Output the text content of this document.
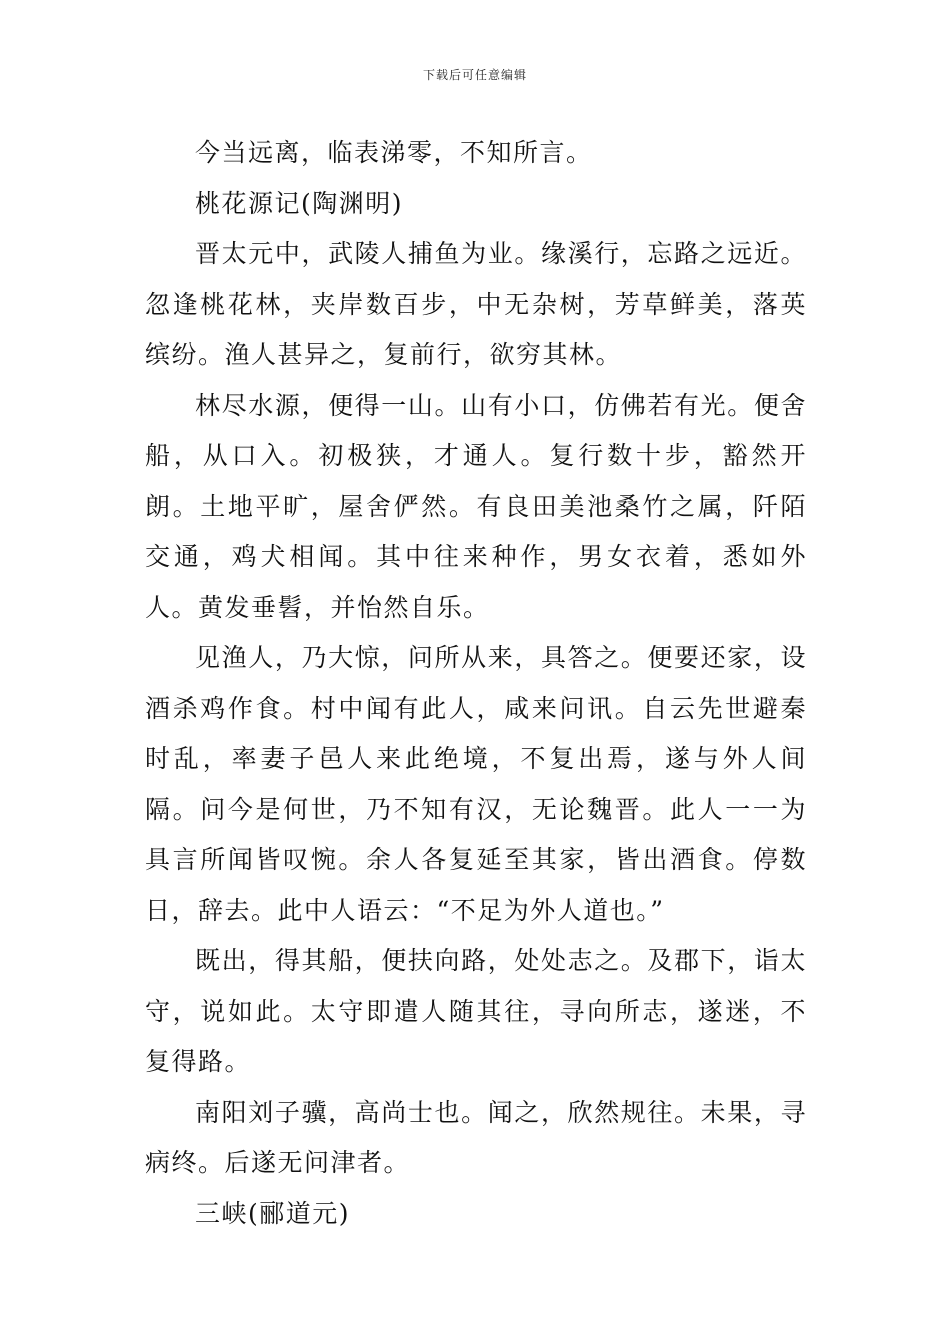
下载后可任意编辑

今当远离，临表涕零，不知所言。

桃花源记(陶渊明)

晋太元中，武陵人捕鱼为业。缘溪行，忘路之远近。忽逢桃花林，夹岸数百步，中无杂树，芳草鲜美，落英缤纷。渔人甚异之，复前行，欲穷其林。

林尽水源，便得一山。山有小口，仿佛若有光。便舍船，从口入。初极狭，才通人。复行数十步，豁然开朗。土地平旷，屋舍俨然。有良田美池桑竹之属，阡陌交通，鸡犬相闻。其中往来种作，男女衣着，悉如外人。黄发垂髫，并怡然自乐。

见渔人，乃大惊，问所从来，具答之。便要还家，设酒杀鸡作食。村中闻有此人，咸来问讯。自云先世避秦时乱，率妻子邑人来此绝境，不复出焉，遂与外人间隔。问今是何世，乃不知有汉，无论魏晋。此人一一为具言所闻皆叹惋。余人各复延至其家，皆出酒食。停数日，辞去。此中人语云：“不足为外人道也。”

既出，得其船，便扶向路，处处志之。及郡下，诣太守，说如此。太守即遣人随其往，寻向所志，遂迷，不复得路。

南阳刘子骥，高尚士也。闻之，欣然规往。未果，寻病终。后遂无问津者。

三峡(郦道元)
